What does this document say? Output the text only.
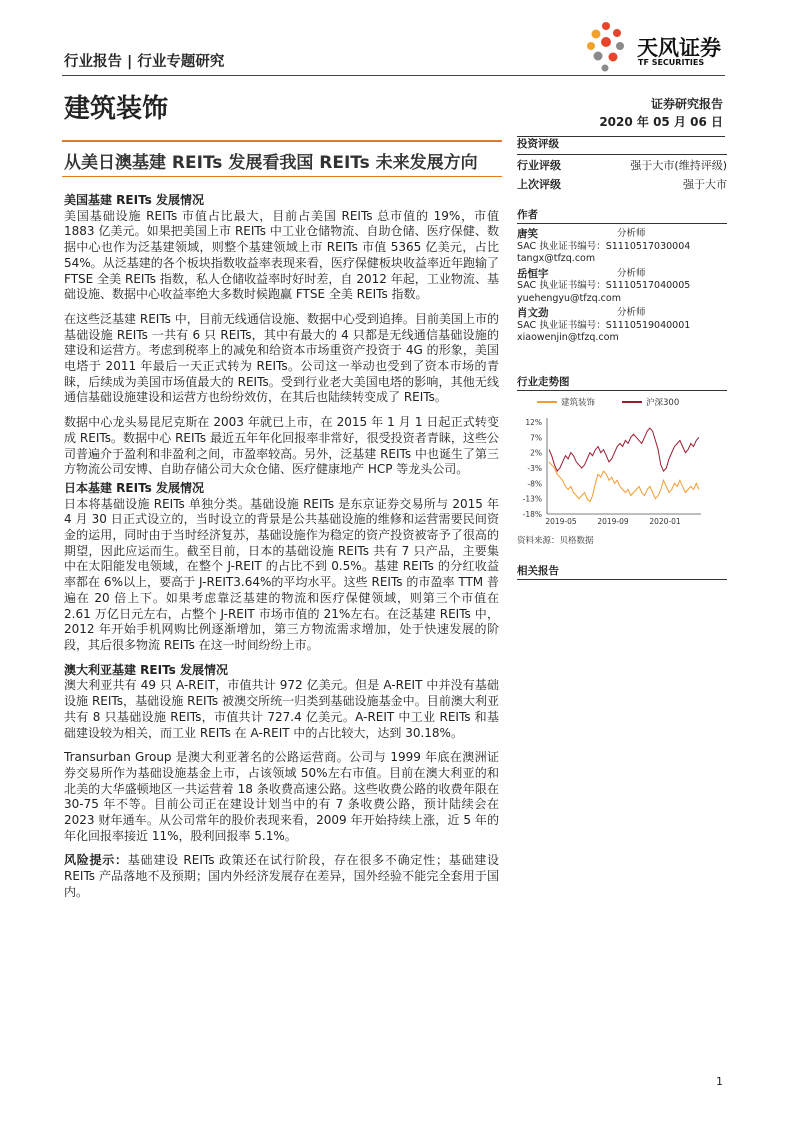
行业报告 | 行业专题研究
天风证券
TF SECURITIES
建筑装饰	证券研究报告
2020 年 05 月 06 日
从美日澳基建 REITs 发展看我国 REITs 未来发展方向
美国基建 REITs 发展情况

美国基础设施 REITs 市值占比最大，目前占美国 REITs 总市值的 19%，市值 1883 亿美元。如果把美国上市 REITs 中工业仓储物流、自助仓储、医疗保健、数据中心也作为泛基建领域，则整个基建领域上市 REITs 市值 5365 亿美元，占比 54%。从泛基建的各个板块指数收益率表现来看，医疗保健板块收益率近年跑输了 FTSE 全美 REITs 指数，私人仓储收益率时好时差，自 2012 年起，工业物流、基础设施、数据中心收益率绝大多数时候跑赢 FTSE 全美 REITs 指数。

在这些泛基建 REITs 中，目前无线通信设施、数据中心受到追捧。目前美国上市的基础设施 REITs 一共有 6 只 REITs，其中有最大的 4 只都是无线通信基础设施的建设和运营方。考虑到税率上的减免和给资本市场重资产投资于 4G 的形象，美国电塔于 2011 年最后一天正式转为 REITs。公司这一举动也受到了资本市场的青睐，后续成为美国市场值最大的 REITs。受到行业老大美国电塔的影响，其他无线通信基础设施建设和运营方也纷纷效仿，在其后也陆续转变成了 REITs。

数据中心龙头易昆尼克斯在 2003 年就已上市，在 2015 年 1 月 1 日起正式转变成 REITs。数据中心 REITs 最近五年年化回报率非常好，很受投资者青睐，这些公司普遍介于盈利和非盈利之间，市盈率较高。另外，泛基建 REITs 中也诞生了第三方物流公司安博、自助存储公司大众仓储、医疗健康地产 HCP 等龙头公司。

日本基建 REITs 发展情况

日本将基础设施 REITs 单独分类。基础设施 REITs 是东京证券交易所与 2015 年 4 月 30 日正式设立的，当时设立的背景是公共基础设施的维修和运营需要民间资金的运用，同时由于当时经济复苏，基础设施作为稳定的资产投资被寄予了很高的期望，因此应运而生。截至目前，日本的基础设施 REITs 共有 7 只产品，主要集中在太阳能发电领域，在整个 J-REIT 的占比不到 0.5%。基建 REITs 的分红收益率都在 6%以上，要高于 J-REIT3.64%的平均水平。这些 REITs 的市盈率 TTM 普遍在 20 倍上下。如果考虑靠泛基建的物流和医疗保健领域，则第三个市值在 2.61 万亿日元左右，占整个 J-REIT 市场市值的 21%左右。在泛基建 REITs 中，2012 年开始手机网购比例逐渐增加，第三方物流需求增加，处于快速发展的阶段，其后很多物流 REITs 在这一时间纷纷上市。

澳大利亚基建 REITs 发展情况

澳大利亚共有 49 只 A-REIT，市值共计 972 亿美元。但是 A-REIT 中并没有基础设施 REITs，基础设施 REITs 被澳交所统一归类到基础设施基金中。目前澳大利亚共有 8 只基础设施 REITs，市值共计 727.4 亿美元。A-REIT 中工业 REITs 和基础建设较为相关，而工业 REITs 在 A-REIT 中的占比较大，达到 30.18%。

Transurban Group 是澳大利亚著名的公路运营商。公司与 1999 年底在澳洲证券交易所作为基础设施基金上市，占该领域 50%左右市值。目前在澳大利亚的和北美的大华盛顿地区一共运营着 18 条收费高速公路。这些收费公路的收费年限在 30-75 年不等。目前公司正在建设计划当中的有 7 条收费公路，预计陆续会在 2023 财年通车。从公司常年的股价表现来看，2009 年开始持续上涨，近 5 年的年化回报率接近 11%，股利回报率 5.1%。

风险提示：基础建设 REITs 政策还在试行阶段，存在很多不确定性；基础建设 REITs 产品落地不及预期；国内外经济发展存在差异，国外经验不能完全套用于国内。

投资评级
行业评级	强于大市(维持评级)
上次评级	强于大市
作者
唐笑	分析师
SAC 执业证书编号：S1110517030004
tangx@tfzq.com
岳恒宇	分析师
SAC 执业证书编号：S1110517040005
yuehengyu@tfzq.com
肖文劲	分析师
SAC 执业证书编号：S1110519040001
xiaowenjin@tfzq.com
行业走势图
建筑装饰	沪深300
12%
7%
2%
-3%
-8%
-13%
-18%
2019-05	2019-09	2020-01
资料来源：贝格数据
相关报告
1
